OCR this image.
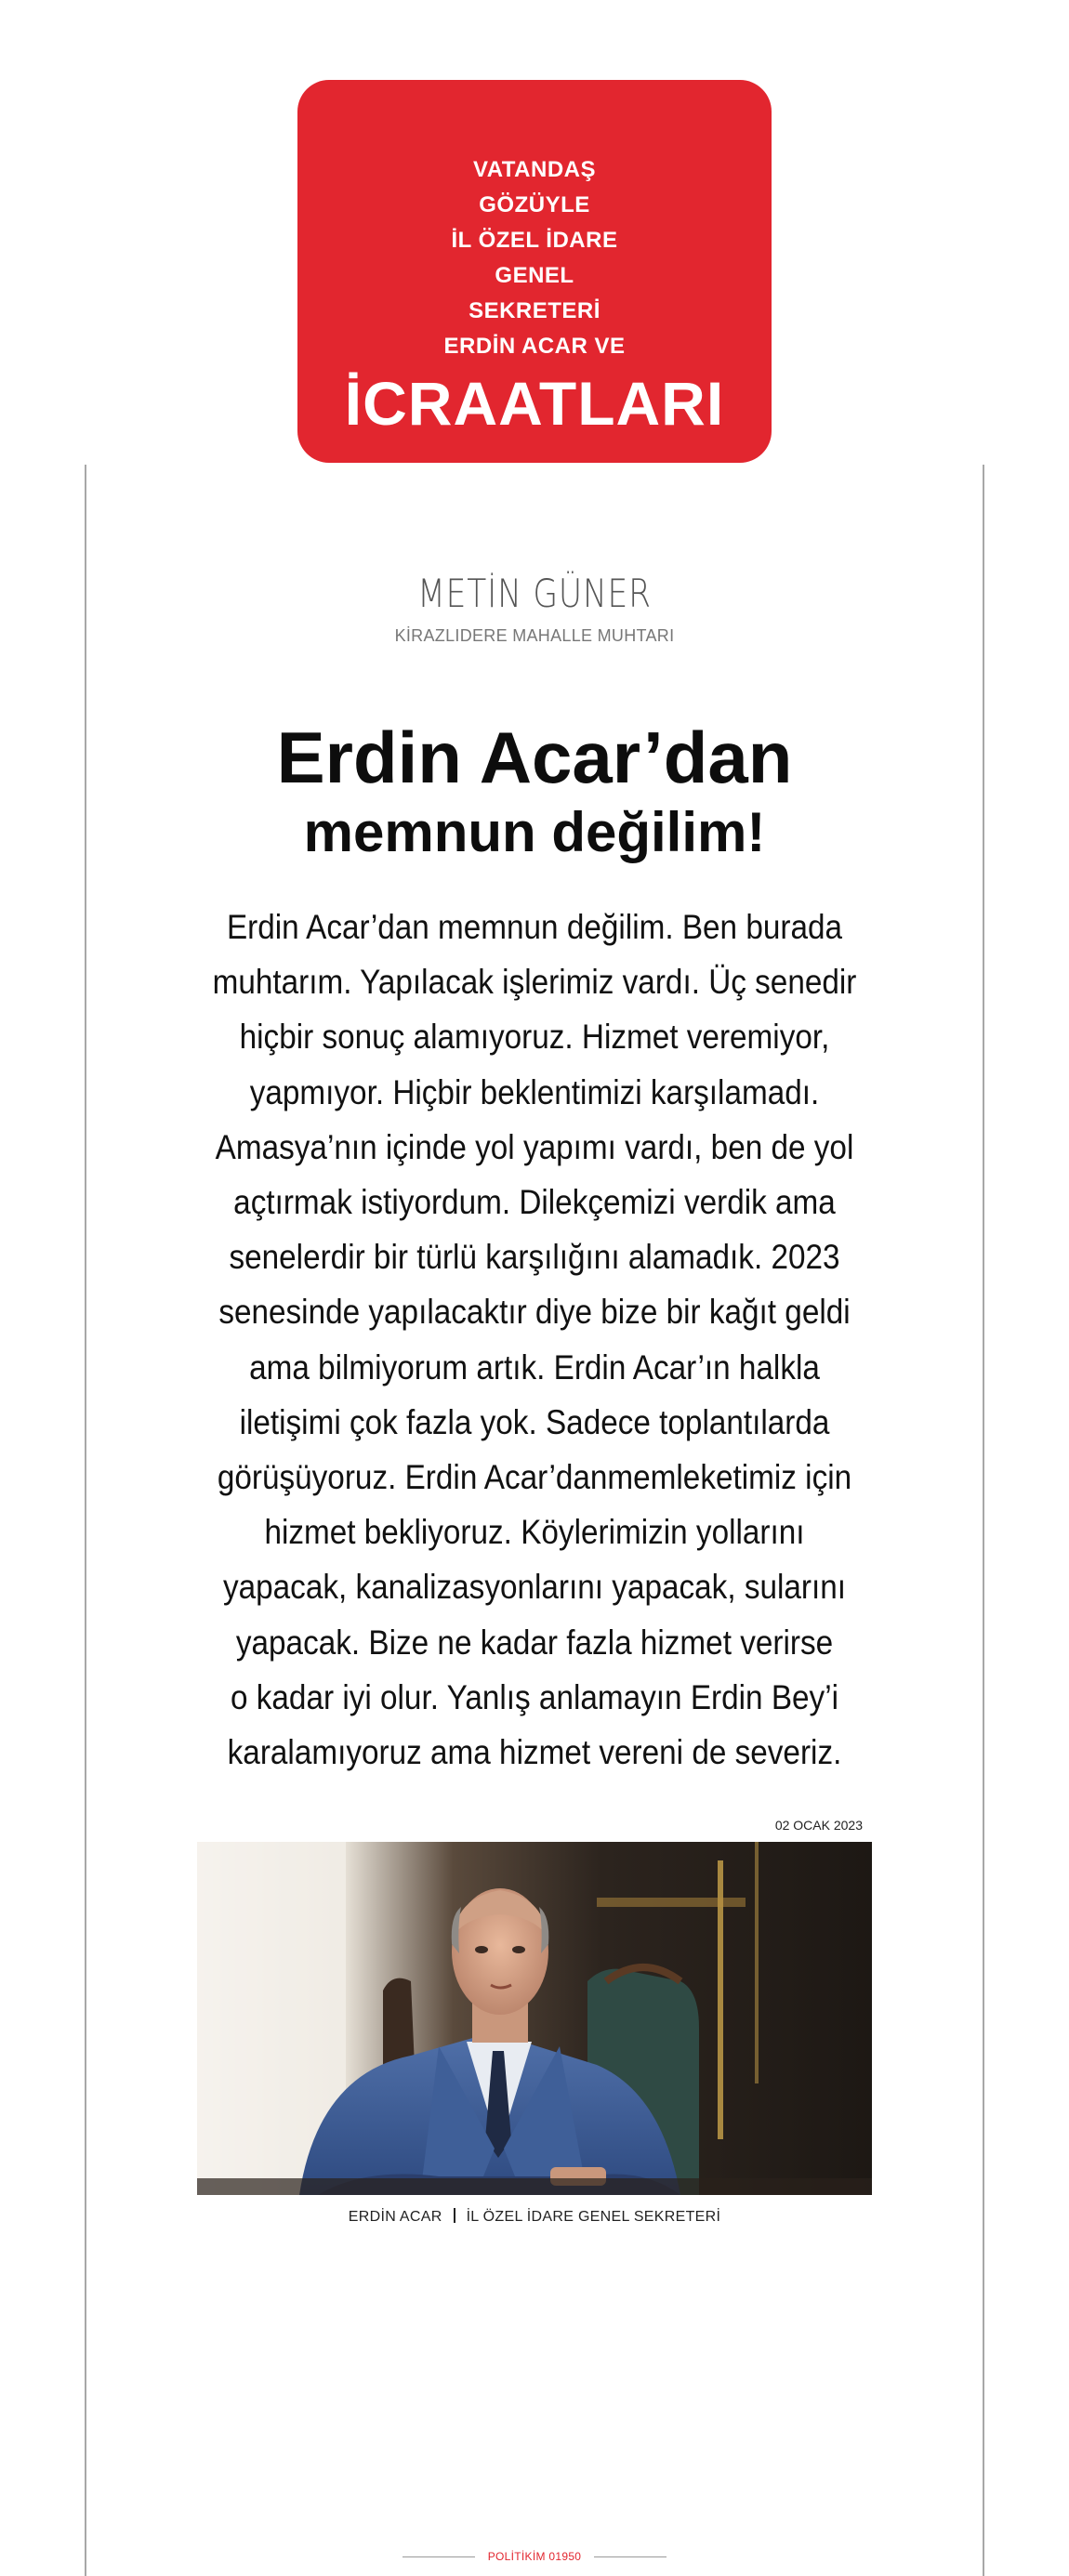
VATANDAŞ
GÖZÜYLE
İL ÖZEL İDARE
GENEL
SEKRETERİ
ERDİN ACAR VE
İCRAATLARI
METİN GÜNER
KİRAZLIDERE MAHALLE MUHTARI
Erdin Acar’dan
memnun değilim!
Erdin Acar’dan memnun değilim. Ben burada
muhtarım. Yapılacak işlerimiz vardı. Üç senedir
hiçbir sonuç alamıyoruz. Hizmet veremiyor,
yapmıyor. Hiçbir beklentimizi karşılamadı.
Amasya’nın içinde yol yapımı vardı, ben de yol
açtırmak istiyordum. Dilekçemizi verdik ama
senelerdir bir türlü karşılığını alamadık. 2023
senesinde yapılacaktır diye bize bir kağıt geldi
ama bilmiyorum artık. Erdin Acar’ın halkla
iletişimi çok fazla yok. Sadece toplantılarda
görüşüyoruz. Erdin Acar’danmemleketimiz için
hizmet bekliyoruz. Köylerimizin yollarını
yapacak, kanalizasyonlarını yapacak, sularını
yapacak. Bize ne kadar fazla hizmet verirse
o kadar iyi olur. Yanlış anlamayın Erdin Bey’i
karalamıyoruz ama hizmet vereni de severiz.
02 OCAK 2023
ERDİN ACAR İL ÖZEL İDARE GENEL SEKRETERİ
POLİTİKİM 01950
